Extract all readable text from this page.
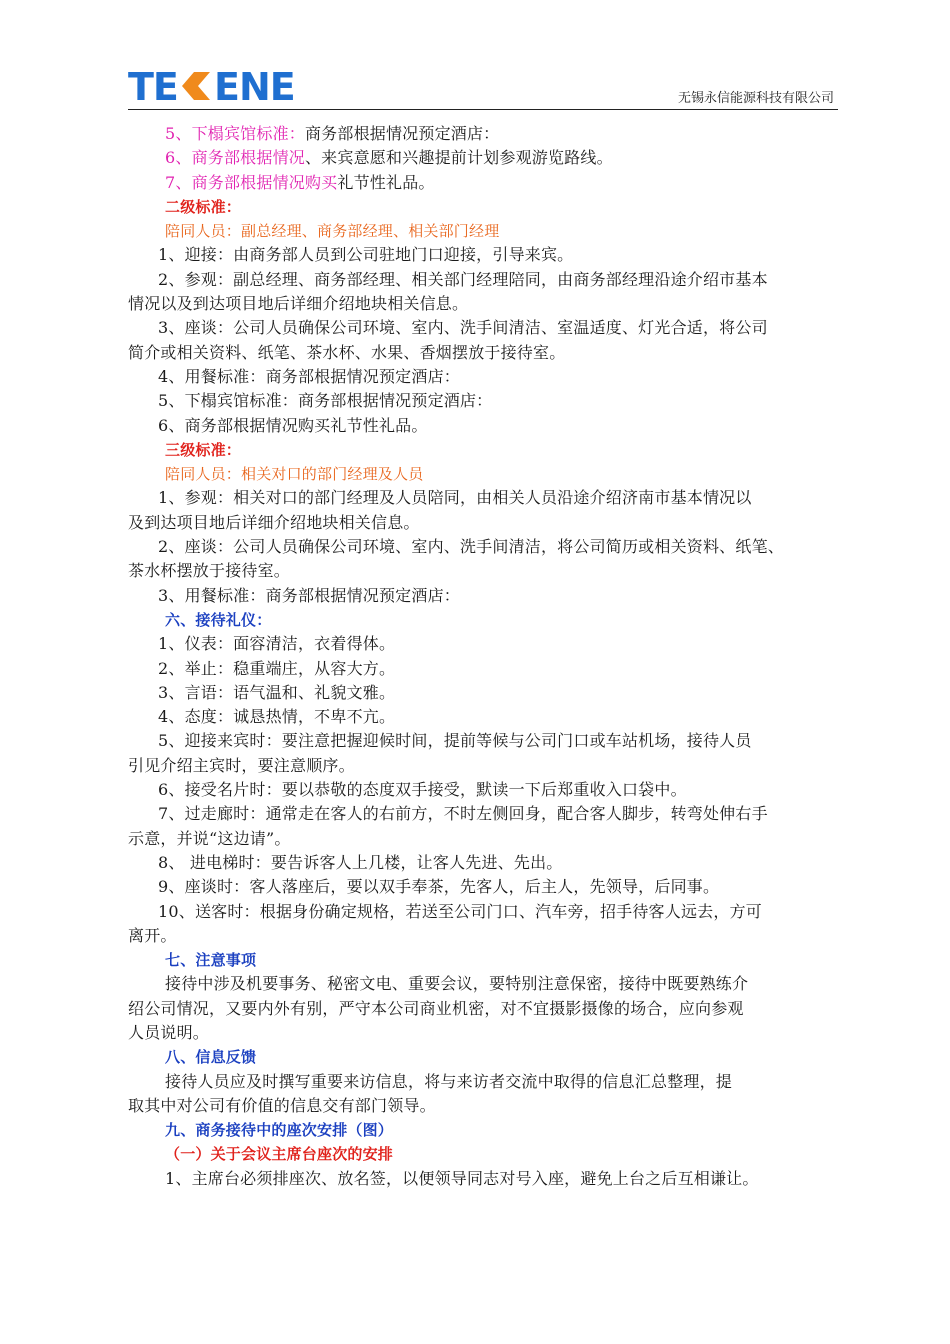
TE ENE	无锡永信能源科技有限公司
5、下榻宾馆标准：商务部根据情况预定酒店：
6、商务部根据情况、来宾意愿和兴趣提前计划参观游览路线。
7、商务部根据情况购买礼节性礼品。
二级标准：
陪同人员：副总经理、商务部经理、相关部门经理
1、迎接：由商务部人员到公司驻地门口迎接，引导来宾。
2、参观：副总经理、商务部经理、相关部门经理陪同，由商务部经理沿途介绍市基本
情况以及到达项目地后详细介绍地块相关信息。
3、座谈：公司人员确保公司环境、室内、洗手间清洁、室温适度、灯光合适，将公司
简介或相关资料、纸笔、茶水杯、水果、香烟摆放于接待室。
4、用餐标准：商务部根据情况预定酒店：
5、下榻宾馆标准：商务部根据情况预定酒店：
6、商务部根据情况购买礼节性礼品。
三级标准：
陪同人员：相关对口的部门经理及人员
1、参观：相关对口的部门经理及人员陪同，由相关人员沿途介绍济南市基本情况以
及到达项目地后详细介绍地块相关信息。
2、座谈：公司人员确保公司环境、室内、洗手间清洁，将公司简历或相关资料、纸笔、
茶水杯摆放于接待室。
3、用餐标准：商务部根据情况预定酒店：
六、接待礼仪：
1、仪表：面容清洁，衣着得体。
2、举止：稳重端庄，从容大方。
3、言语：语气温和、礼貌文雅。
4、态度：诚恳热情，不卑不亢。
5、迎接来宾时：要注意把握迎候时间，提前等候与公司门口或车站机场，接待人员
引见介绍主宾时，要注意顺序。
6、接受名片时：要以恭敬的态度双手接受，默读一下后郑重收入口袋中。
7、过走廊时：通常走在客人的右前方，不时左侧回身，配合客人脚步，转弯处伸右手
示意，并说“这边请”。
8、 进电梯时：要告诉客人上几楼，让客人先进、先出。
9、座谈时：客人落座后，要以双手奉茶，先客人，后主人，先领导，后同事。
10、送客时：根据身份确定规格，若送至公司门口、汽车旁，招手待客人远去，方可
离开。
七、注意事项
接待中涉及机要事务、秘密文电、重要会议，要特别注意保密，接待中既要熟练介
绍公司情况，又要内外有别，严守本公司商业机密，对不宜摄影摄像的场合，应向参观
人员说明。
八、信息反馈
接待人员应及时撰写重要来访信息，将与来访者交流中取得的信息汇总整理，提
取其中对公司有价值的信息交有部门领导。
九、商务接待中的座次安排（图）
（一）关于会议主席台座次的安排
1、主席台必须排座次、放名签，以便领导同志对号入座，避免上台之后互相谦让。
